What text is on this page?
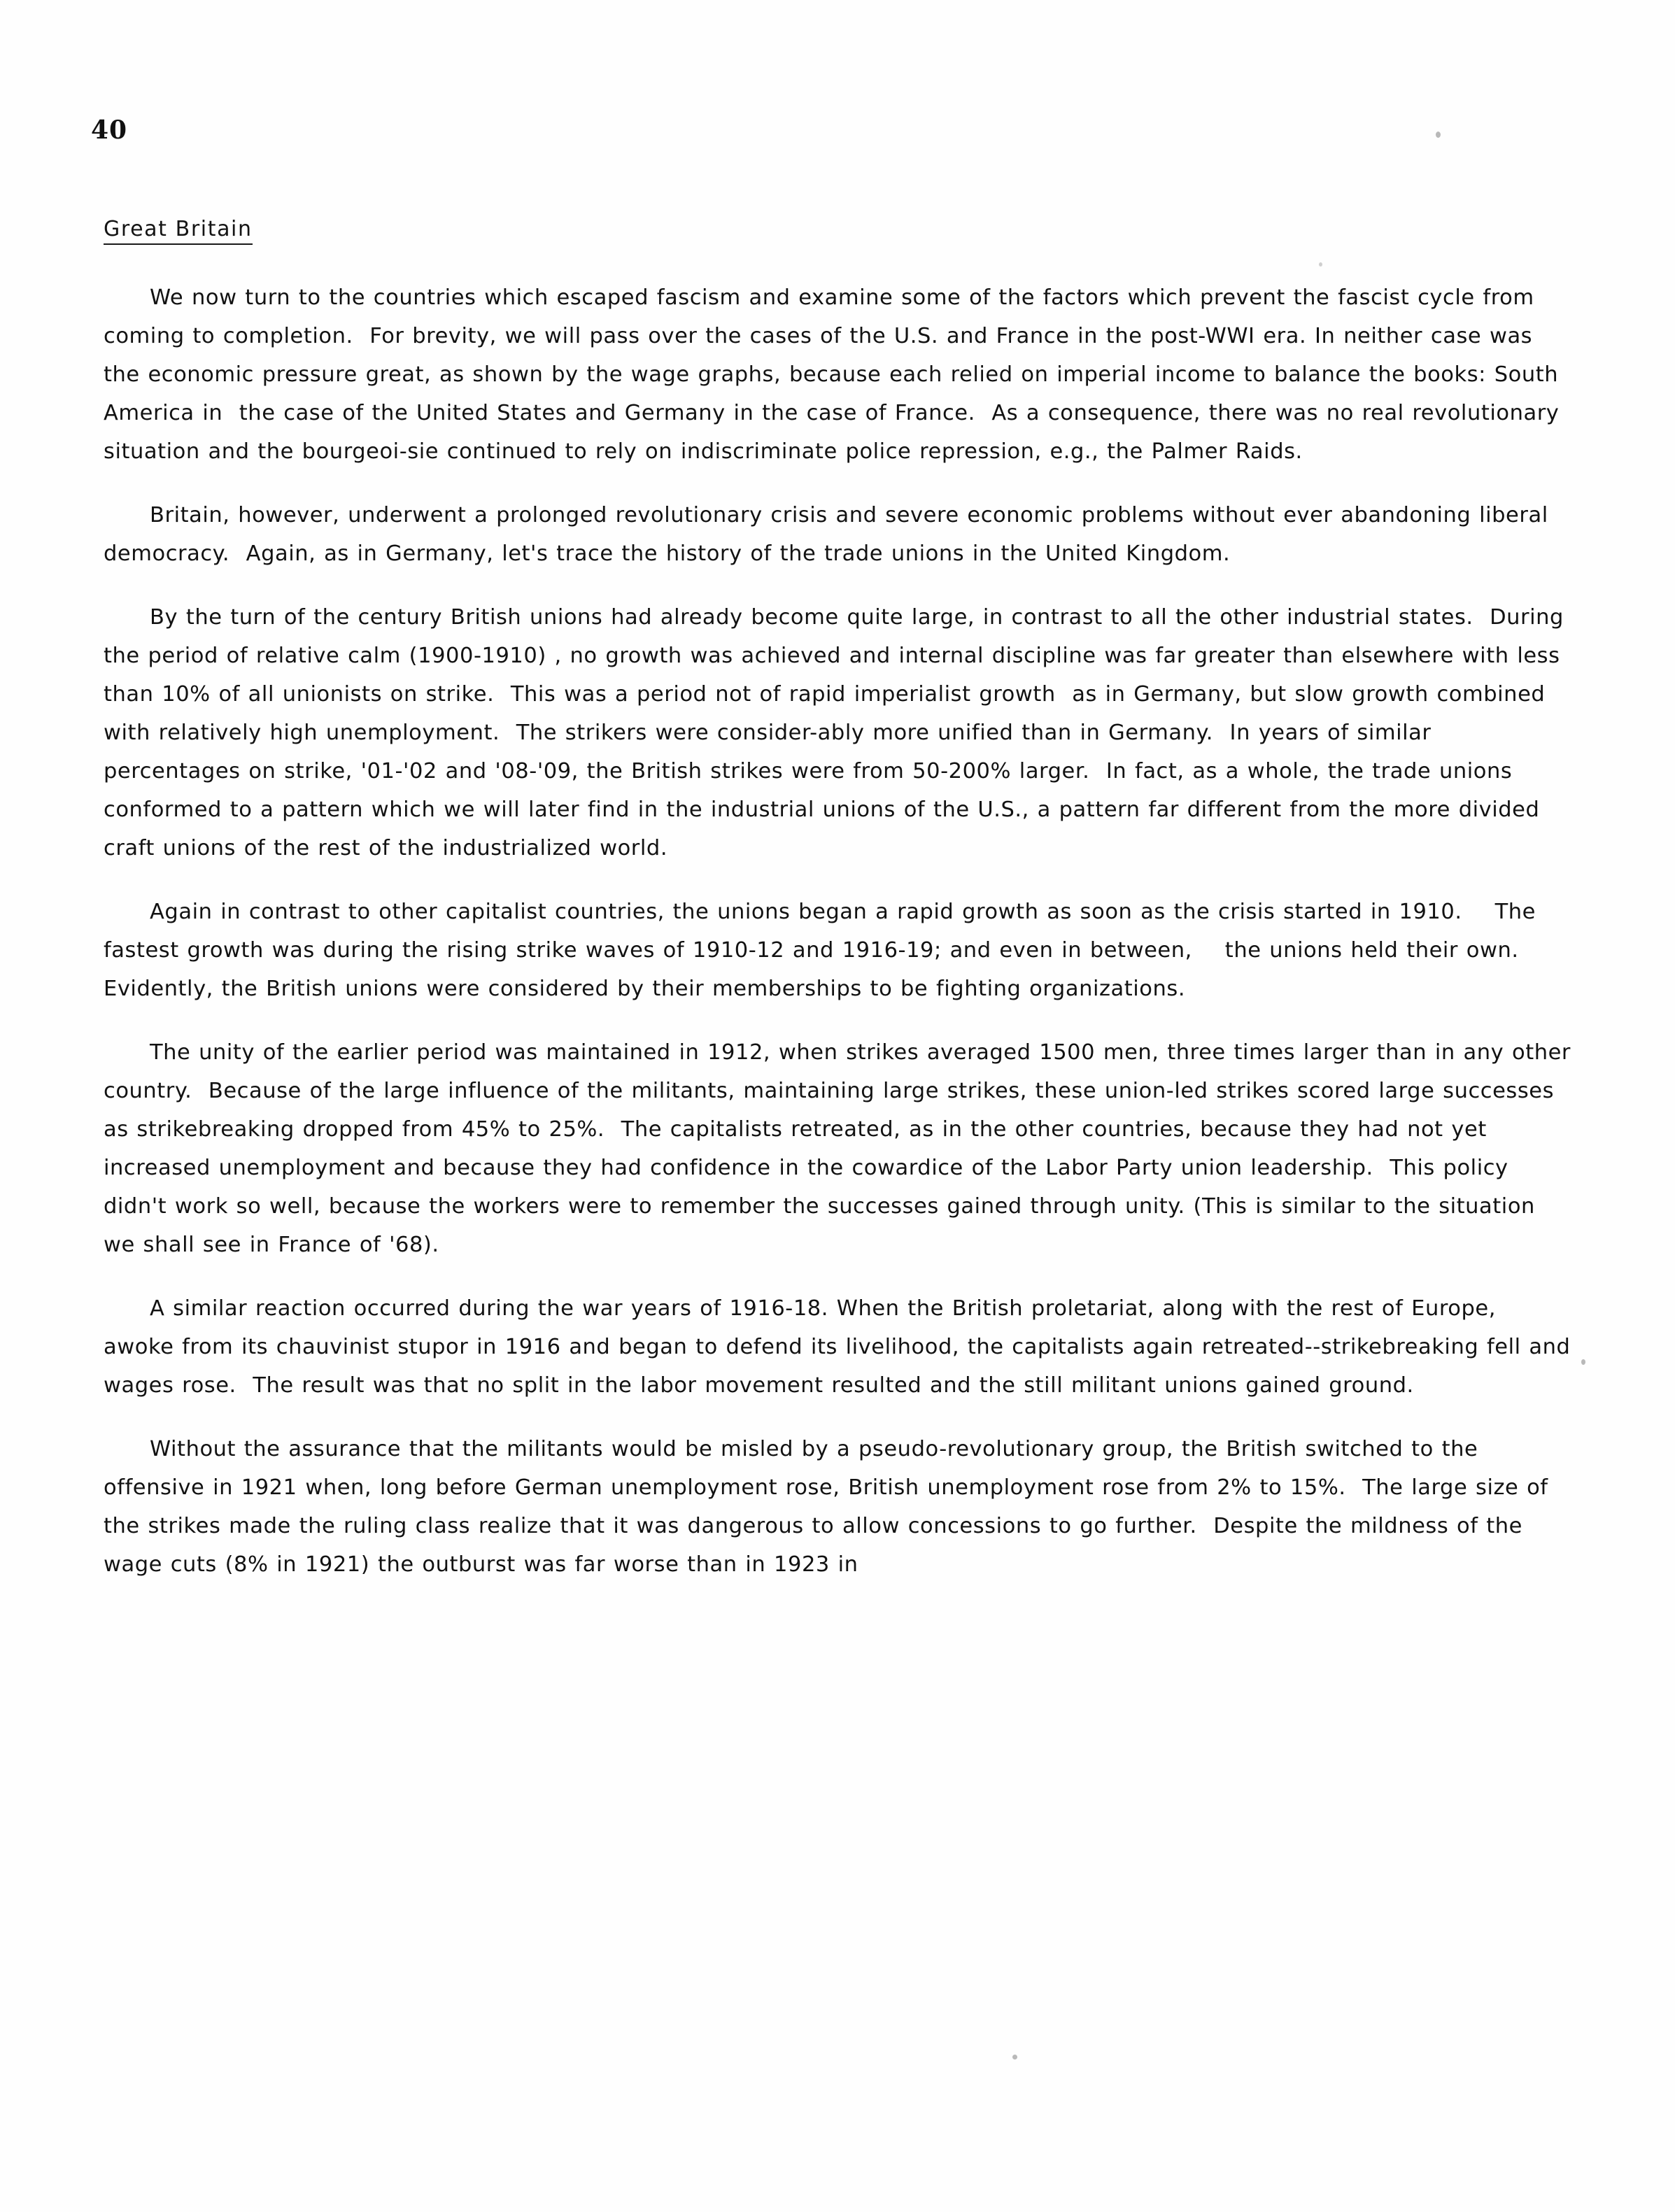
40
Great Britain

We now turn to the countries which escaped fascism and examine some of the factors which prevent the fascist cycle from coming to completion.  For brevity, we will pass over the cases of the U.S. and France in the post-WWI era. In neither case was the economic pressure great, as shown by the wage graphs, because each relied on imperial income to balance the books: South America in  the case of the United States and Germany in the case of France.  As a consequence, there was no real revolutionary situation and the bourgeoi-sie continued to rely on indiscriminate police repression, e.g., the Palmer Raids.

Britain, however, underwent a prolonged revolutionary crisis and severe economic problems without ever abandoning liberal democracy.  Again, as in Germany, let's trace the history of the trade unions in the United Kingdom.

By the turn of the century British unions had already become quite large, in contrast to all the other industrial states.  During the period of relative calm (1900-1910) , no growth was achieved and internal discipline was far greater than elsewhere with less than 10% of all unionists on strike.  This was a period not of rapid imperialist growth  as in Germany, but slow growth combined with relatively high unemployment.  The strikers were consider-ably more unified than in Germany.  In years of similar percentages on strike, '01-'02 and '08-'09, the British strikes were from 50-200% larger.  In fact, as a whole, the trade unions conformed to a pattern which we will later find in the industrial unions of the U.S., a pattern far different from the more divided craft unions of the rest of the industrialized world.

Again in contrast to other capitalist countries, the unions began a rapid growth as soon as the crisis started in 1910.    The fastest growth was during the rising strike waves of 1910-12 and 1916-19; and even in between,    the unions held their own.  Evidently, the British unions were considered by their memberships to be fighting organizations.

The unity of the earlier period was maintained in 1912, when strikes averaged 1500 men, three times larger than in any other country.  Because of the large influence of the militants, maintaining large strikes, these union-led strikes scored large successes as strikebreaking dropped from 45% to 25%.  The capitalists retreated, as in the other countries, because they had not yet increased unemployment and because they had confidence in the cowardice of the Labor Party union leadership.  This policy didn't work so well, because the workers were to remember the successes gained through unity. (This is similar to the situation we shall see in France of '68).

A similar reaction occurred during the war years of 1916-18. When the British proletariat, along with the rest of Europe, awoke from its chauvinist stupor in 1916 and began to defend its livelihood, the capitalists again retreated--strikebreaking fell and wages rose.  The result was that no split in the labor movement resulted and the still militant unions gained ground.

Without the assurance that the militants would be misled by a pseudo-revolutionary group, the British switched to the offensive in 1921 when, long before German unemployment rose, British unemployment rose from 2% to 15%.  The large size of the strikes made the ruling class realize that it was dangerous to allow concessions to go further.  Despite the mildness of the wage cuts (8% in 1921) the outburst was far worse than in 1923 in
